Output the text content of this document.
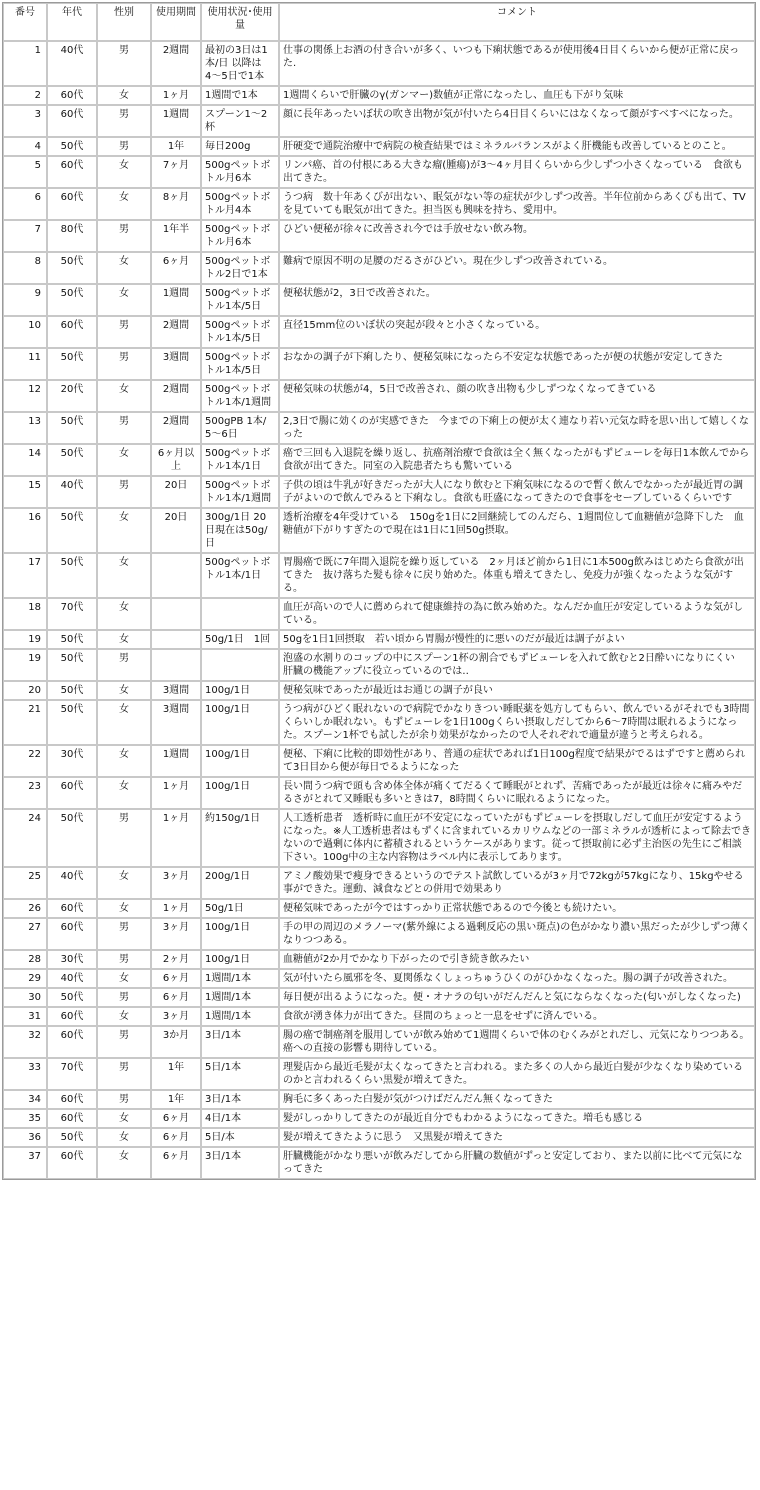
番号	年代	性別	使用期間	使用状況･使用量	コメント
1	40代	男	2週間	最初の3日は1本/日 以降は4〜5日で1本	仕事の関係上お酒の付き合いが多く、いつも下痢状態であるが使用後4日目くらいから便が正常に戻った.
2	60代	女	1ヶ月	1週間で1本	1週間くらいで肝臓のγ(ガンマー)数値が正常になったし、血圧も下がり気味
3	60代	男	1週間	スプーン1〜2杯	顔に長年あったいぼ状の吹き出物が気が付いたら4日目くらいにはなくなって顔がすべすべになった。
4	50代	男	1年	毎日200g	肝硬変で通院治療中で病院の検査結果ではミネラルバランスがよく肝機能も改善しているとのこと。
5	60代	女	7ヶ月	500gペットボトル月6本	リンパ癌、首の付根にある大きな瘤(腫瘍)が3〜4ヶ月目くらいから少しずつ小さくなっている　食欲も出てきた。
6	60代	女	8ヶ月	500gペットボトル月4本	うつ病　数十年あくびが出ない、眠気がない等の症状が少しずつ改善。半年位前からあくびも出て、TVを見ていても眠気が出てきた。担当医も興味を持ち、愛用中。
7	80代	男	1年半	500gペットボトル月6本	ひどい便秘が徐々に改善され今では手放せない飲み物。
8	50代	女	6ヶ月	500gペットボトル2日で1本	難病で原因不明の足腰のだるさがひどい。現在少しずつ改善されている。
9	50代	女	1週間	500gペットボトル1本/5日	便秘状態が2，3日で改善された。
10	60代	男	2週間	500gペットボトル1本/5日	直径15mm位のいぼ状の突起が段々と小さくなっている。
11	50代	男	3週間	500gペットボトル1本/5日	おなかの調子が下痢したり、便秘気味になったら不安定な状態であったが便の状態が安定してきた
12	20代	女	2週間	500gペットボトル1本/1週間	便秘気味の状態が4，5日で改善され、顔の吹き出物も少しずつなくなってきている
13	50代	男	2週間	500gPB 1本/5〜6日	2,3日で腸に効くのが実感できた　今までの下痢上の便が太く連なり若い元気な時を思い出して嬉しくなった
14	50代	女	6ヶ月以上	500gペットボトル1本/1日	癌で三回も入退院を繰り返し、抗癌剤治療で食欲は全く無くなったがもずピューレを毎日1本飲んでから食欲が出てきた。同室の入院患者たちも驚いている
15	40代	男	20日	500gペットボトル1本/1週間	子供の頃は牛乳が好きだったが大人になり飲むと下痢気味になるので暫く飲んでなかったが最近胃の調子がよいので飲んでみると下痢なし。食欲も旺盛になってきたので食事をセーブしているくらいです
16	50代	女	20日	300g/1日 20日現在は50g/日	透析治療を4年受けている　150gを1日に2回継続してのんだら、1週間位して血糖値が急降下した　血糖値が下がりすぎたので現在は1日に1回50g摂取。
17	50代	女		500gペットボトル1本/1日	胃腸癌で既に7年間入退院を繰り返している　2ヶ月ほど前から1日に1本500g飲みはじめたら食欲が出てきた　抜け落ちた髪も徐々に戻り始めた。体重も増えてきたし、免疫力が強くなったような気がする。
18	70代	女			血圧が高いので人に薦められて健康維持の為に飲み始めた。なんだか血圧が安定しているような気がしている。
19	50代	女		50g/1日　1回	50gを1日1回摂取　若い頃から胃腸が慢性的に悪いのだが最近は調子がよい
19	50代	男			泡盛の水割りのコップの中にスプーン1杯の割合でもずピューレを入れて飲むと2日酔いになりにくい　肝臓の機能アップに役立っているのでは‥
20	50代	女	3週間	100g/1日	便秘気味であったが最近はお通じの調子が良い
21	50代	女	3週間	100g/1日	うつ病がひどく眠れないので病院でかなりきつい睡眠薬を処方してもらい、飲んでいるがそれでも3時間くらいしか眠れない。もずピューレを1日100gくらい摂取しだしてから6〜7時間は眠れるようになった。スプーン1杯でも試したが余り効果がなかったので人それぞれで適量が違うと考えられる。
22	30代	女	1週間	100g/1日	便秘、下痢に比較的即効性があり、普通の症状であれば1日100g程度で結果がでるはずですと薦められて3日目から便が毎日でるようになった
23	60代	女	1ヶ月	100g/1日	長い間うつ病で頭も含め体全体が痛くてだるくて睡眠がとれず、苦痛であったが最近は徐々に痛みやだるさがとれて又睡眠も多いときは7，8時間くらいに眠れるようになった。
24	50代	男	1ヶ月	約150g/1日	人工透析患者　透析時に血圧が不安定になっていたがもずピューレを摂取しだして血圧が安定するようになった。※人工透析患者はもずくに含まれているカリウムなどの一部ミネラルが透析によって除去できないので過剰に体内に蓄積されるというケースがあります。従って摂取前に必ず主治医の先生にご相談下さい。100g中の主な内容物はラベル内に表示してあります。
25	40代	女	3ヶ月	200g/1日	アミノ酸効果で痩身できるというのでテスト試飲しているが3ヶ月で72kgが57kgになり、15kgやせる事ができた。運動、減食などとの併用で効果あり
26	60代	女	1ヶ月	50g/1日	便秘気味であったが今ではすっかり正常状態であるので今後とも続けたい。
27	60代	男	3ヶ月	100g/1日	手の甲の周辺のメラノーマ(紫外線による過剰反応の黒い斑点)の色がかなり濃い黒だったが少しずつ薄くなりつつある。
28	30代	男	2ヶ月	100g/1日	血糖値が2か月でかなり下がったので引き続き飲みたい
29	40代	女	6ヶ月	1週間/1本	気が付いたら風邪を冬、夏関係なくしょっちゅうひくのがひかなくなった。腸の調子が改善された。
30	50代	男	6ヶ月	1週間/1本	毎日便が出るようになった。便・オナラの匂いがだんだんと気にならなくなった(匂いがしなくなった)
31	60代	女	3ヶ月	1週間/1本	食欲が湧き体力が出てきた。昼間のちょっと一息をせずに済んでいる。
32	60代	男	3か月	3日/1本	腸の癌で制癌剤を服用していが飲み始めて1週間くらいで体のむくみがとれだし、元気になりつつある。癌への直接の影響も期待している。
33	70代	男	1年	5日/1本	理髪店から最近毛髪が太くなってきたと言われる。また多くの人から最近白髪が少なくなり染めているのかと言われるくらい黒髪が増えてきた。
34	60代	男	1年	3日/1本	胸毛に多くあった白髪が気がつけばだんだん無くなってきた
35	60代	女	6ヶ月	4日/1本	髪がしっかりしてきたのが最近自分でもわかるようになってきた。増毛も感じる
36	50代	女	6ヶ月	5日/本	髪が増えてきたように思う　又黒髪が増えてきた
37	60代	女	6ヶ月	3日/1本	肝臓機能がかなり悪いが飲みだしてから肝臓の数値がずっと安定しており、また以前に比べて元気になってきた
